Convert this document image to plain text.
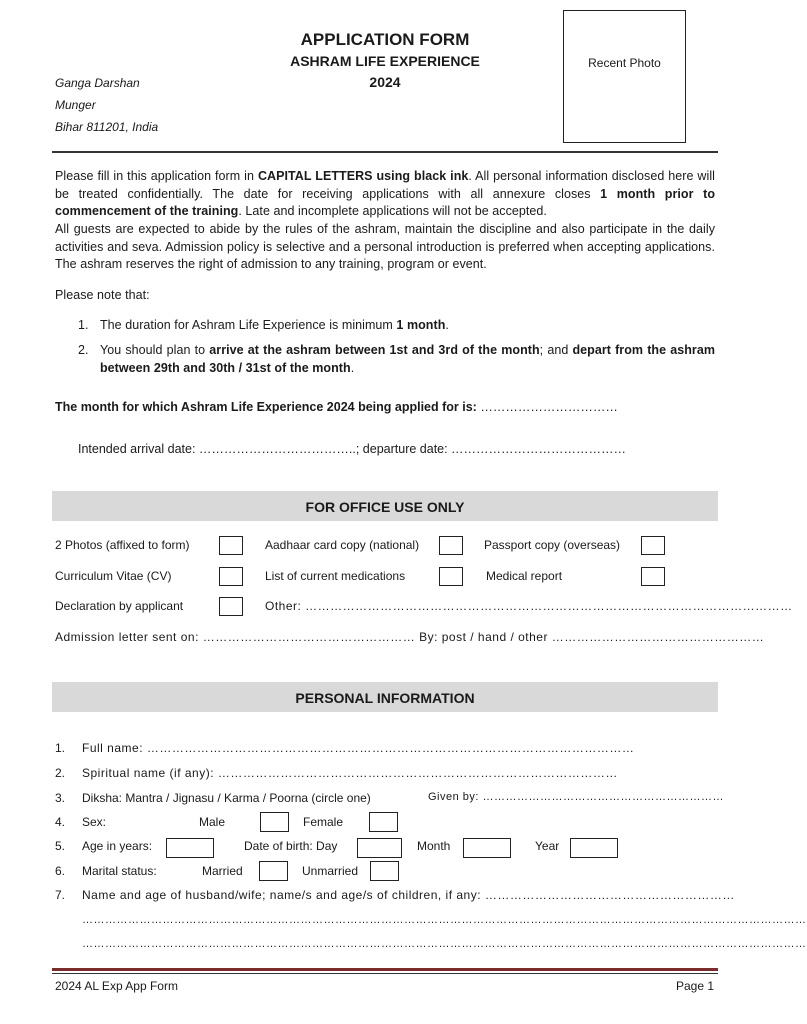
APPLICATION FORM
ASHRAM LIFE EXPERIENCE
2024
Ganga Darshan
Munger
Bihar 811201, India
Recent Photo
Please fill in this application form in CAPITAL LETTERS using black ink. All personal information disclosed here will be treated confidentially. The date for receiving applications with all annexure closes 1 month prior to commencement of the training. Late and incomplete applications will not be accepted.
All guests are expected to abide by the rules of the ashram, maintain the discipline and also participate in the daily activities and seva. Admission policy is selective and a personal introduction is preferred when accepting applications. The ashram reserves the right of admission to any training, program or event.
Please note that:
1. The duration for Ashram Life Experience is minimum 1 month.
2. You should plan to arrive at the ashram between 1st and 3rd of the month; and depart from the ashram between 29th and 30th / 31st of the month.
The month for which Ashram Life Experience 2024 being applied for is: ……………………………
Intended arrival date: ………………………………..; departure date: ……………………………………
FOR OFFICE USE ONLY
2 Photos (affixed to form)	Aadhaar card copy (national)	Passport copy (overseas)
Curriculum Vitae (CV)	List of current medications	Medical report
Declaration by applicant	Other: ………………………………………………………………………………………………………
Admission letter sent on: …………………………………………… By: post / hand / other ……………………………………………
PERSONAL INFORMATION
1. Full name: ………………………………………………………………………………………………………
2. Spiritual name (if any): ……………………………………………………………………………………
3. Diksha: Mantra / Jignasu / Karma / Poorna (circle one)	Given by: ………………………………………………………
4. Sex:	Male	Female
5. Age in years:	Date of birth: Day	Month	Year
6. Marital status:	Married	Unmarried
7. Name and age of husband/wife; name/s and age/s of children, if any: ……………………………………………………
………………………………………………………………………………………………………………………………………………………………………
………………………………………………………………………………………………………………………………………………………………………
2024 AL Exp App Form	Page 1
